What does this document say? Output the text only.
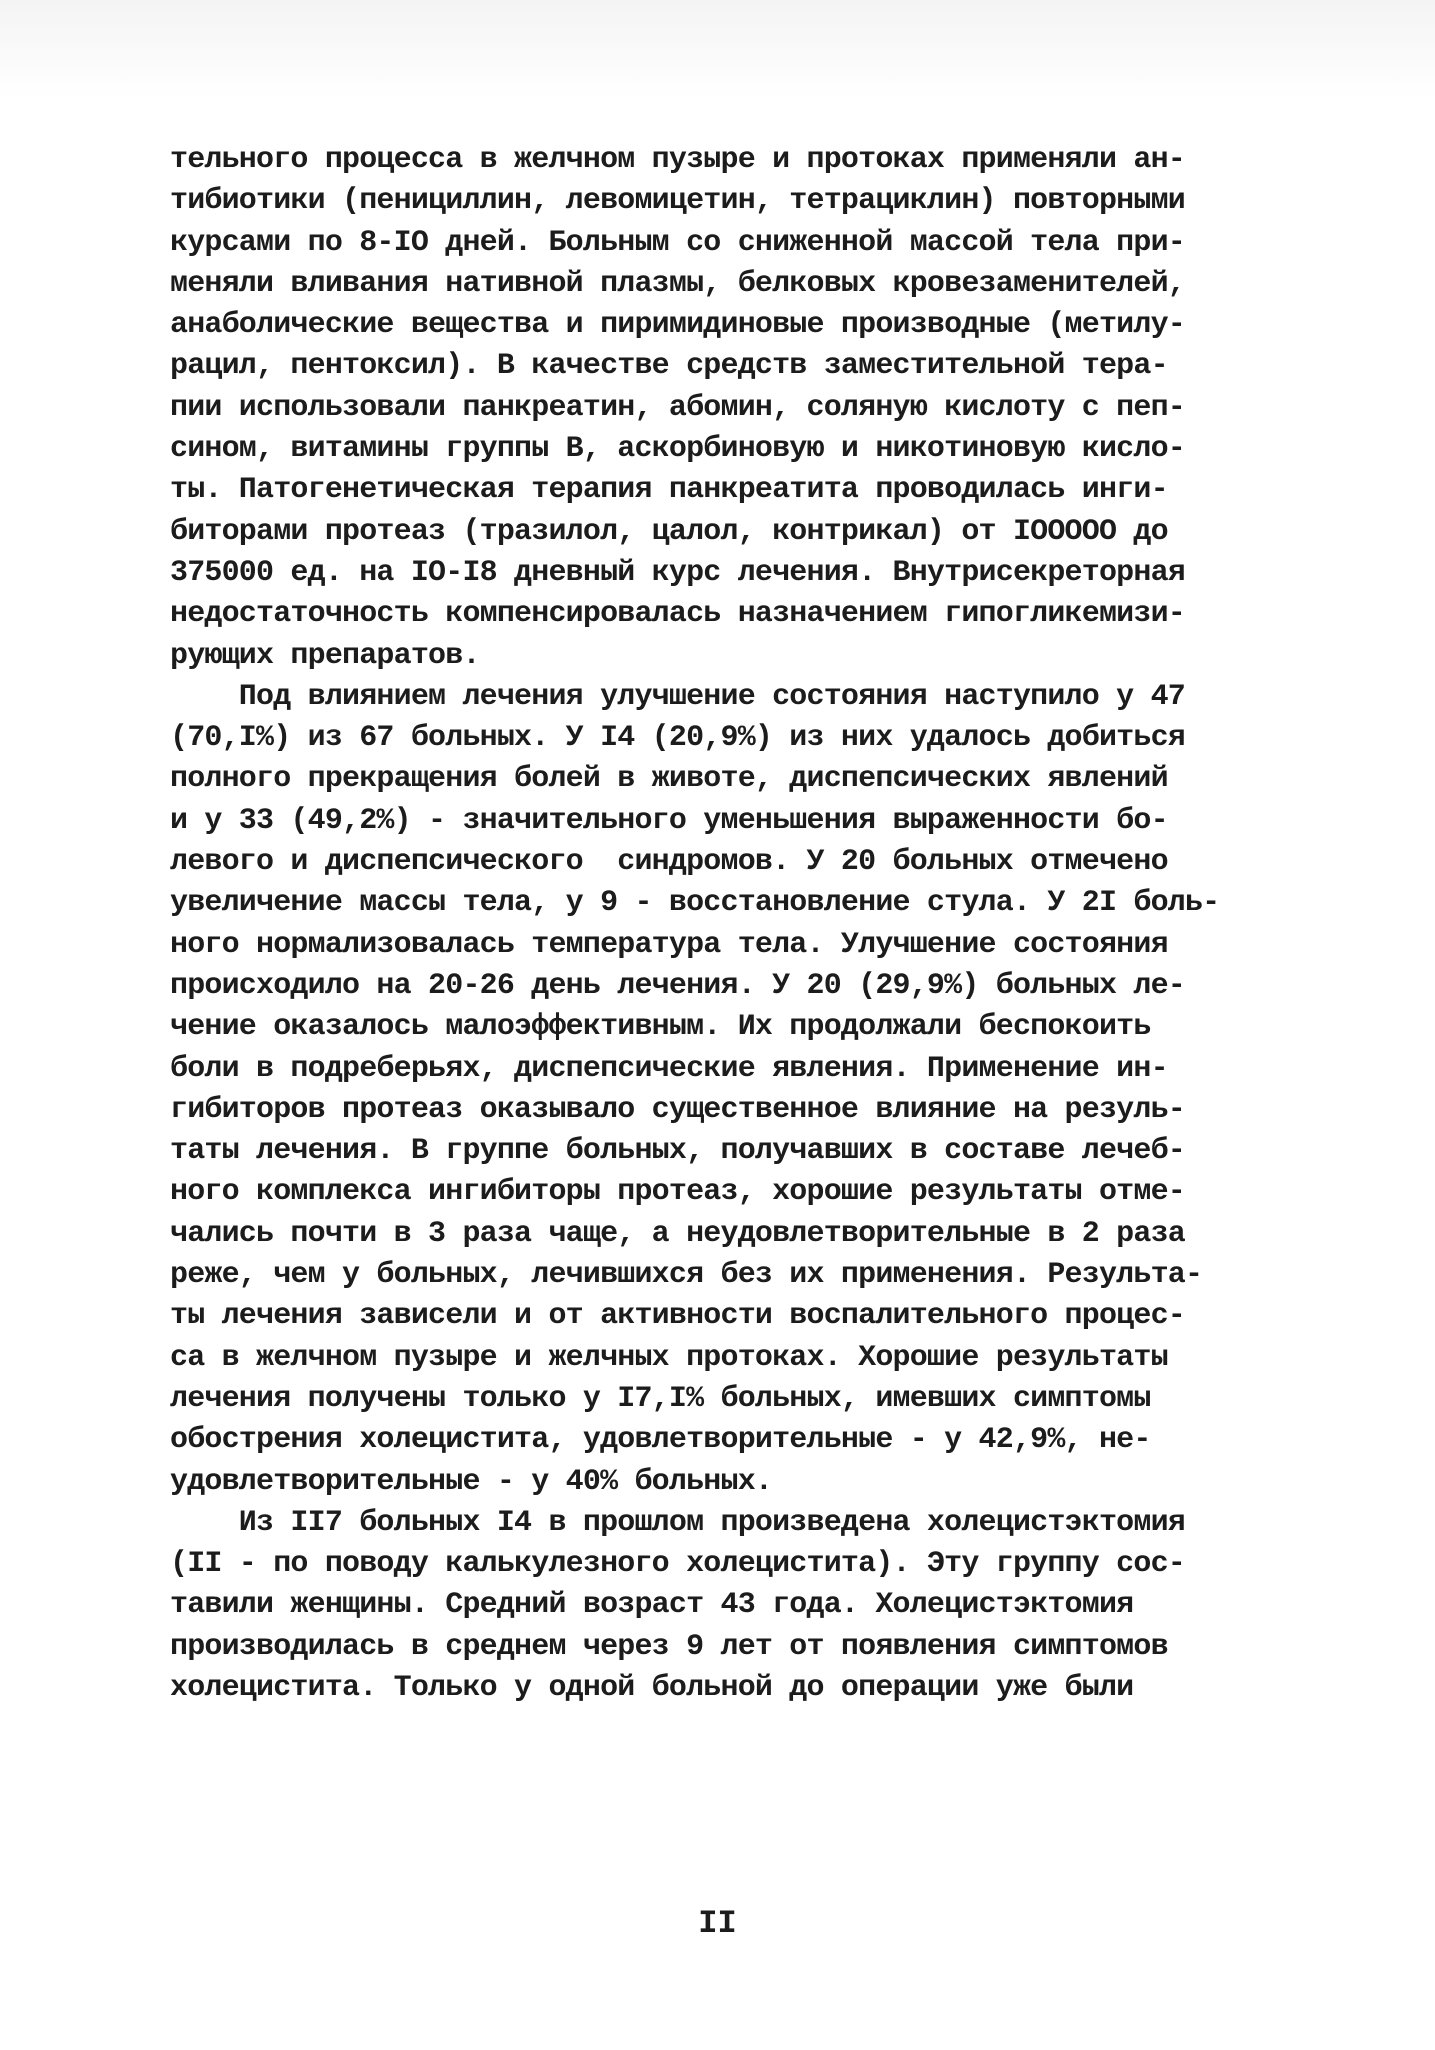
тельного процесса в желчном пузыре и протоках применяли ан-
тибиотики (пенициллин, левомицетин, тетрациклин) повторными
курсами по 8-IO дней. Больным со сниженной массой тела при-
меняли вливания нативной плазмы, белковых кровезаменителей,
анаболические вещества и пиримидиновые производные (метилу-
рацил, пентоксил). В качестве средств заместительной тера-
пии использовали панкреатин, абомин, соляную кислоту с пеп-
сином, витамины группы В, аскорбиновую и никотиновую кисло-
ты. Патогенетическая терапия панкреатита проводилась инги-
биторами протеаз (тразилол, цалол, контрикал) от IOOOOO до
375000 ед. на IO-I8 дневный курс лечения. Внутрисекреторная
недостаточность компенсировалась назначением гипогликемизи-
рующих препаратов.
Под влиянием лечения улучшение состояния наступило у 47
(70,I%) из 67 больных. У I4 (20,9%) из них удалось добиться
полного прекращения болей в животе, диспепсических явлений
и у 33 (49,2%) - значительного уменьшения выраженности бо-
левого и диспепсического  синдромов. У 20 больных отмечено
увеличение массы тела, у 9 - восстановление стула. У 2I боль-
ного нормализовалась температура тела. Улучшение состояния
происходило на 20-26 день лечения. У 20 (29,9%) больных ле-
чение оказалось малоэффективным. Их продолжали беспокоить
боли в подреберьях, диспепсические явления. Применение ин-
гибиторов протеаз оказывало существенное влияние на резуль-
таты лечения. В группе больных, получавших в составе лечеб-
ного комплекса ингибиторы протеаз, хорошие результаты отме-
чались почти в 3 раза чаще, а неудовлетворительные в 2 раза
реже, чем у больных, лечившихся без их применения. Результа-
ты лечения зависели и от активности воспалительного процес-
са в желчном пузыре и желчных протоках. Хорошие результаты
лечения получены только у I7,I% больных, имевших симптомы
обострения холецистита, удовлетворительные - у 42,9%, не-
удовлетворительные - у 40% больных.
Из II7 больных I4 в прошлом произведена холецистэктомия
(II - по поводу калькулезного холецистита). Эту группу сос-
тавили женщины. Средний возраст 43 года. Холецистэктомия
производилась в среднем через 9 лет от появления симптомов
холецистита. Только у одной больной до операции уже были
II
